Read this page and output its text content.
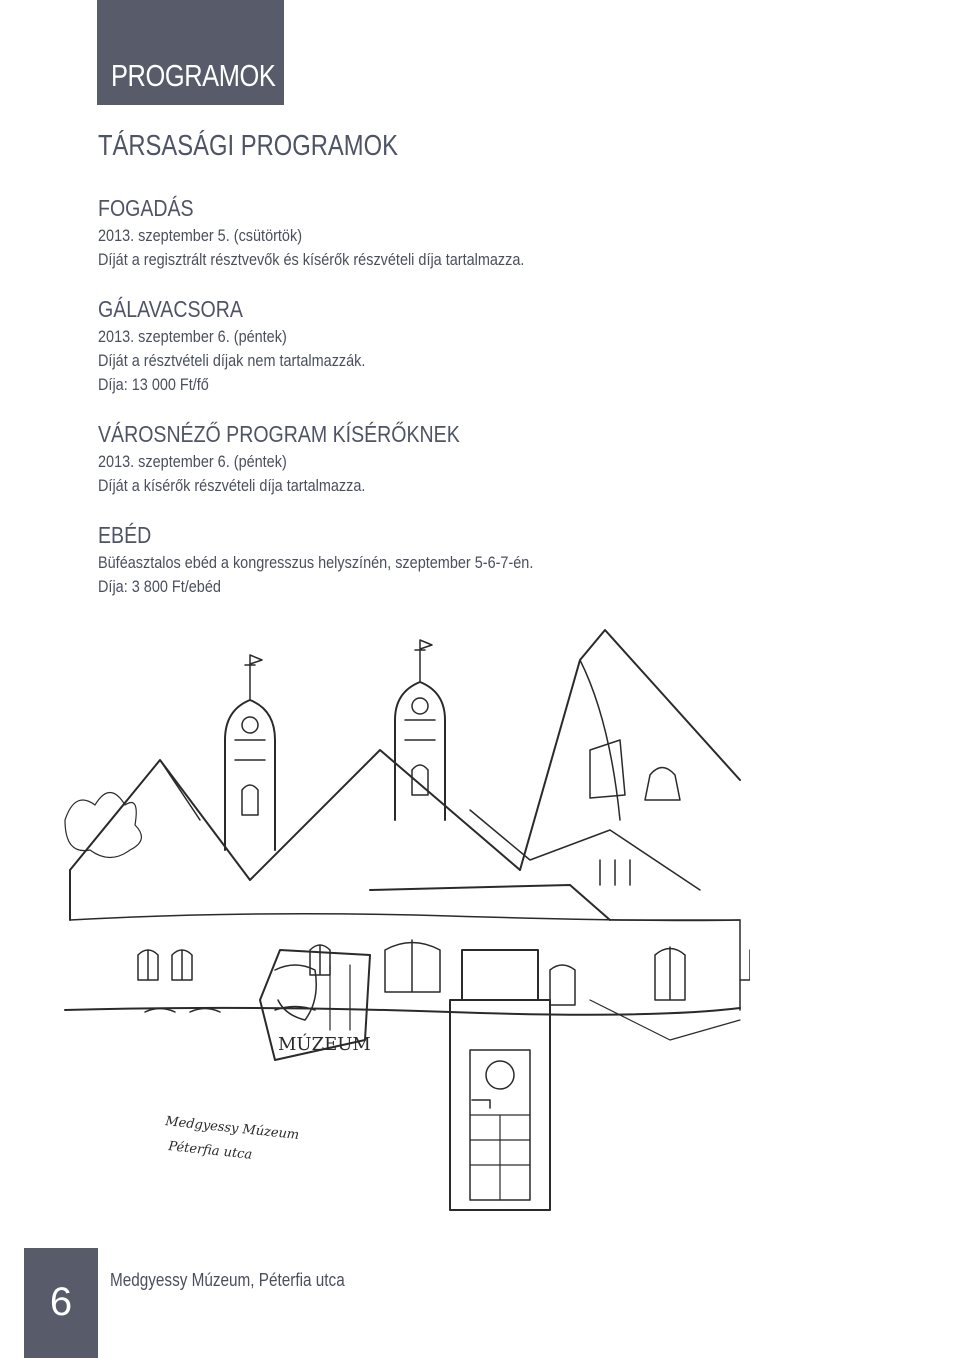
PROGRAMOK
TÁRSASÁGI PROGRAMOK
FOGADÁS

2013. szeptember 5. (csütörtök)

Díját a regisztrált résztvevők és kísérők részvételi díja tartalmazza.

GÁLAVACSORA

2013. szeptember 6. (péntek)

Díját a résztvételi díjak nem tartalmazzák.

Díja: 13 000 Ft/fő

VÁROSNÉZŐ PROGRAM KÍSÉRŐKNEK

2013. szeptember 6. (péntek)

Díját a kísérők részvételi díja tartalmazza.

EBÉD

Büféasztalos ebéd a kongresszus helyszínén, szeptember 5-6-7-én.

Díja: 3 800 Ft/ebéd

MÚZEUM
Medgyessy Múzeum
Péterfia utca
6	Medgyessy Múzeum, Péterfia utca
